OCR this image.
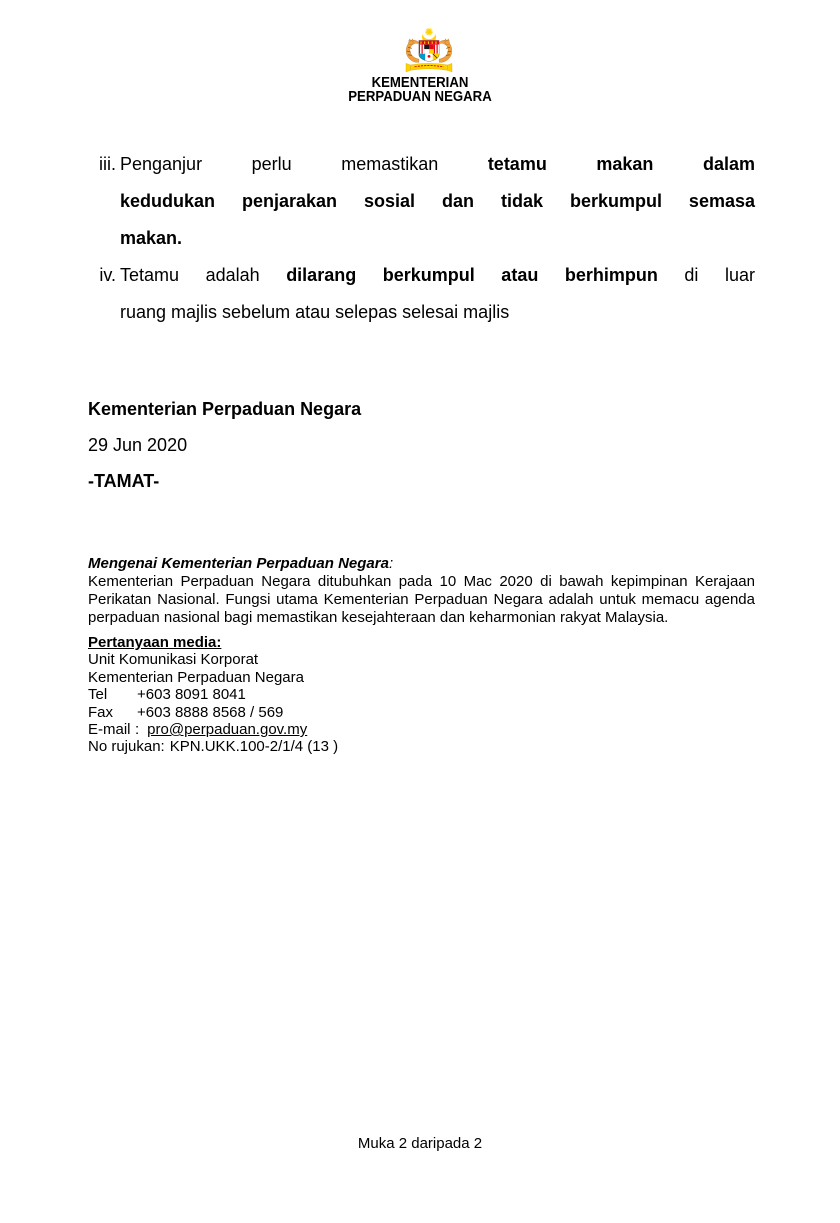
KEMENTERIAN
PERPADUAN NEGARA
iii. Penganjur perlu memastikan tetamu makan dalam
kedudukan penjarakan sosial dan tidak berkumpul semasa
makan.
iv. Tetamu adalah dilarang berkumpul atau berhimpun di luar
ruang majlis sebelum atau selepas selesai majlis
Kementerian Perpaduan Negara
29 Jun 2020
-TAMAT-
Mengenai Kementerian Perpaduan Negara:

Kementerian Perpaduan Negara ditubuhkan pada 10 Mac 2020 di bawah kepimpinan Kerajaan Perikatan Nasional. Fungsi utama Kementerian Perpaduan Negara adalah untuk memacu agenda perpaduan nasional bagi memastikan kesejahteraan dan keharmonian rakyat Malaysia.

Pertanyaan media:
Unit Komunikasi Korporat
Kementerian Perpaduan Negara
Tel +603 8091 8041
Fax +603 8888 8568 / 569
E-mail : pro@perpaduan.gov.my
No rujukan: KPN.UKK.100-2/1/4 (13 )
Muka 2 daripada 2
